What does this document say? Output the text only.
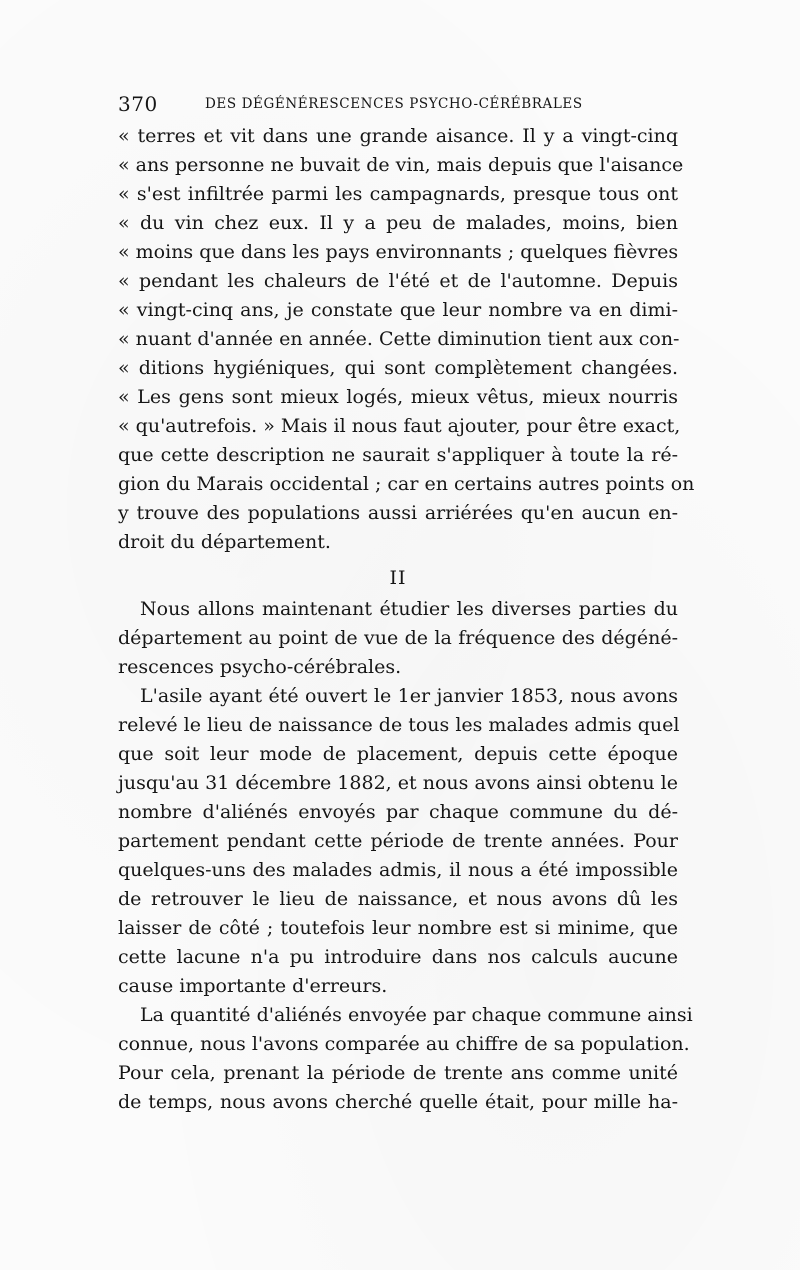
370	DES DÉGÉNÉRESCENCES PSYCHO-CÉRÉBRALES
« terres et vit dans une grande aisance. Il y a vingt-cinq
« ans personne ne buvait de vin, mais depuis que l'aisance
« s'est infiltrée parmi les campagnards, presque tous ont
« du vin chez eux. Il y a peu de malades, moins, bien
« moins que dans les pays environnants ; quelques fièvres
« pendant les chaleurs de l'été et de l'automne. Depuis
« vingt-cinq ans, je constate que leur nombre va en dimi-
« nuant d'année en année. Cette diminution tient aux con-
« ditions hygiéniques, qui sont complètement changées.
« Les gens sont mieux logés, mieux vêtus, mieux nourris
« qu'autrefois. » Mais il nous faut ajouter, pour être exact,
que cette description ne saurait s'appliquer à toute la ré-
gion du Marais occidental ; car en certains autres points on
y trouve des populations aussi arriérées qu'en aucun en-
droit du département.
II
Nous allons maintenant étudier les diverses parties du
département au point de vue de la fréquence des dégéné-
rescences psycho-cérébrales.
L'asile ayant été ouvert le 1er janvier 1853, nous avons
relevé le lieu de naissance de tous les malades admis quel
que soit leur mode de placement, depuis cette époque
jusqu'au 31 décembre 1882, et nous avons ainsi obtenu le
nombre d'aliénés envoyés par chaque commune du dé-
partement pendant cette période de trente années. Pour
quelques-uns des malades admis, il nous a été impossible
de retrouver le lieu de naissance, et nous avons dû les
laisser de côté ; toutefois leur nombre est si minime, que
cette lacune n'a pu introduire dans nos calculs aucune
cause importante d'erreurs.
La quantité d'aliénés envoyée par chaque commune ainsi
connue, nous l'avons comparée au chiffre de sa population.
Pour cela, prenant la période de trente ans comme unité
de temps, nous avons cherché quelle était, pour mille ha-
